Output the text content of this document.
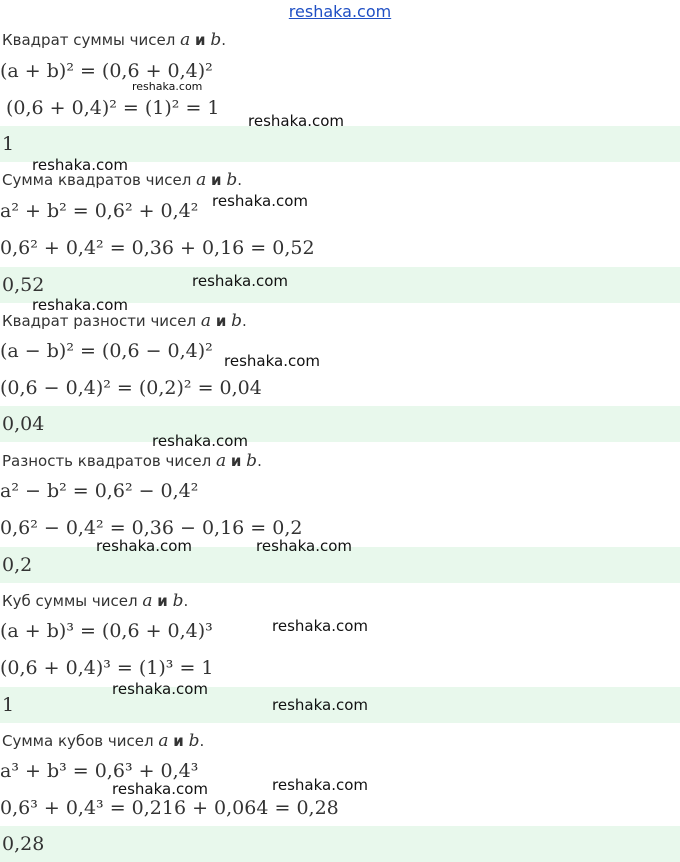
reshaka.com
Квадрат суммы чисел a и b.
(a + b)² = (0,6 + 0,4)²
(0,6 + 0,4)² = (1)² = 1
1
Сумма квадратов чисел a и b.
a² + b² = 0,6² + 0,4²
0,6² + 0,4² = 0,36 + 0,16 = 0,52
0,52
Квадрат разности чисел a и b.
(a − b)² = (0,6 − 0,4)²
(0,6 − 0,4)² = (0,2)² = 0,04
0,04
Разность квадратов чисел a и b.
a² − b² = 0,6² − 0,4²
0,6² − 0,4² = 0,36 − 0,16 = 0,2
0,2
Куб суммы чисел a и b.
(a + b)³ = (0,6 + 0,4)³
(0,6 + 0,4)³ = (1)³ = 1
1
Сумма кубов чисел a и b.
a³ + b³ = 0,6³ + 0,4³
0,6³ + 0,4³ = 0,216 + 0,064 = 0,28
0,28
reshaka.com
reshaka.com
reshaka.com
reshaka.com
reshaka.com
reshaka.com
reshaka.com
reshaka.com
reshaka.com	reshaka.com
reshaka.com
reshaka.com
reshaka.com
reshaka.com
reshaka.com
